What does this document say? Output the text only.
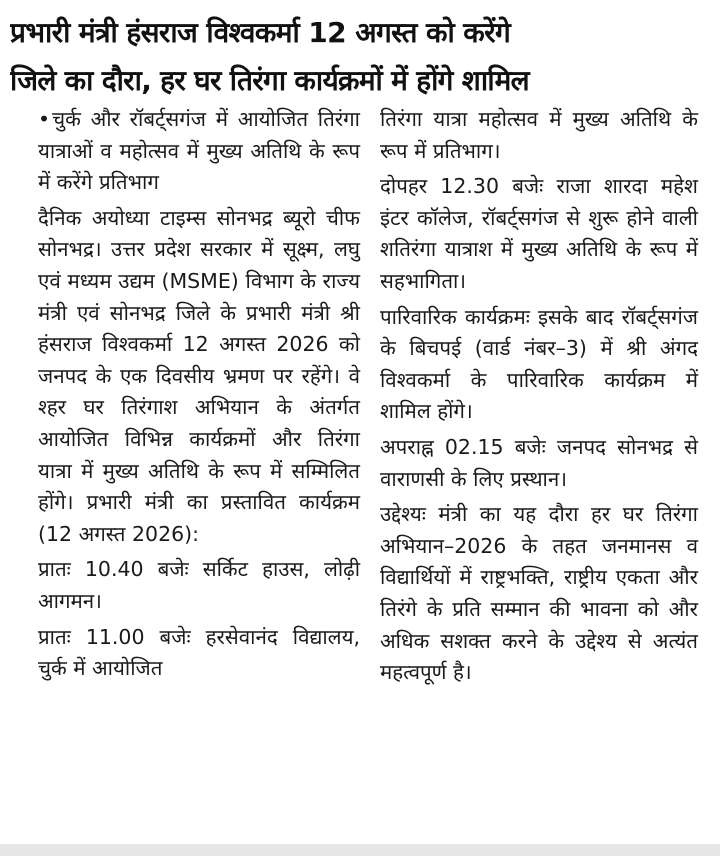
प्रभारी मंत्री हंसराज विश्वकर्मा 12 अगस्त को करेंगे
जिले का दौरा, हर घर तिरंगा कार्यक्रमों में होंगे शामिल

•चुर्क और रॉबर्ट्सगंज में आयोजित तिरंगा यात्राओं व महोत्सव में मुख्य अतिथि के रूप में करेंगे प्रतिभाग

दैनिक अयोध्या टाइम्स सोनभद्र ब्यूरो चीफ सोनभद्र। उत्तर प्रदेश सरकार में सूक्ष्म, लघु एवं मध्यम उद्यम (MSME) विभाग के राज्य मंत्री एवं सोनभद्र जिले के प्रभारी मंत्री श्री हंसराज विश्वकर्मा 12 अगस्त 2026 को जनपद के एक दिवसीय भ्रमण पर रहेंगे। वे श्हर घर तिरंगाश अभियान के अंतर्गत आयोजित विभिन्न कार्यक्रमों और तिरंगा यात्रा में मुख्य अतिथि के रूप में सम्मिलित होंगे। प्रभारी मंत्री का प्रस्तावित कार्यक्रम (12 अगस्त 2026):

प्रातः 10.40 बजेः सर्किट हाउस, लोढ़ी आगमन।

प्रातः 11.00 बजेः हरसेवानंद विद्यालय, चुर्क में आयोजित

तिरंगा यात्रा महोत्सव में मुख्य अतिथि के रूप में प्रतिभाग।

दोपहर 12.30 बजेः राजा शारदा महेश इंटर कॉलेज, रॉबर्ट्सगंज से शुरू होने वाली शतिरंगा यात्राश में मुख्य अतिथि के रूप में सहभागिता।

पारिवारिक कार्यक्रमः इसके बाद रॉबर्ट्सगंज के बिचपई (वार्ड नंबर–3) में श्री अंगद विश्वकर्मा के पारिवारिक कार्यक्रम में शामिल होंगे।

अपराह्न 02.15 बजेः जनपद सोनभद्र से वाराणसी के लिए प्रस्थान।

उद्देश्यः मंत्री का यह दौरा हर घर तिरंगा अभियान–2026 के तहत जनमानस व विद्यार्थियों में राष्ट्रभक्ति, राष्ट्रीय एकता और तिरंगे के प्रति सम्मान की भावना को और अधिक सशक्त करने के उद्देश्य से अत्यंत महत्वपूर्ण है।
